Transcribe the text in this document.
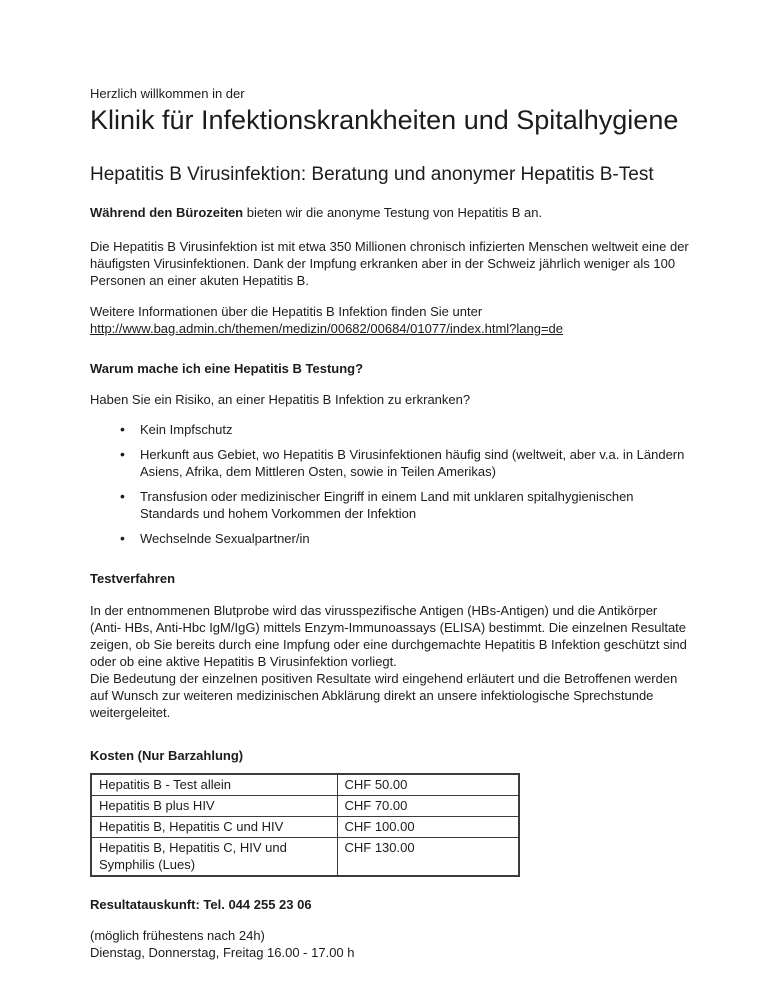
Herzlich willkommen in der

Klinik für Infektionskrankheiten und Spitalhygiene
Hepatitis B Virusinfektion: Beratung und anonymer Hepatitis B-Test

Während den Bürozeiten bieten wir die anonyme Testung von Hepatitis B an.

Die Hepatitis B Virusinfektion ist mit etwa 350 Millionen chronisch infizierten Menschen weltweit eine der häufigsten Virusinfektionen. Dank der Impfung erkranken aber in der Schweiz jährlich weniger als 100 Personen an einer akuten Hepatitis B.

Weitere Informationen über die Hepatitis B Infektion finden Sie unter
http://www.bag.admin.ch/themen/medizin/00682/00684/01077/index.html?lang=de

Warum mache ich eine Hepatitis B Testung?

Haben Sie ein Risiko, an einer Hepatitis B Infektion zu erkranken?

• Kein Impfschutz
• Herkunft aus Gebiet, wo Hepatitis B Virusinfektionen häufig sind (weltweit, aber v.a. in Ländern Asiens, Afrika, dem Mittleren Osten, sowie in Teilen Amerikas)
• Transfusion oder medizinischer Eingriff in einem Land mit unklaren spitalhygienischen Standards und hohem Vorkommen der Infektion
• Wechselnde Sexualpartner/in

Testverfahren

In der entnommenen Blutprobe wird das virusspezifische Antigen (HBs-Antigen) und die Antikörper (Anti- HBs, Anti-Hbc IgM/IgG) mittels Enzym-Immunoassays (ELISA) bestimmt. Die einzelnen Resultate zeigen, ob Sie bereits durch eine Impfung oder eine durchgemachte Hepatitis B Infektion geschützt sind oder ob eine aktive Hepatitis B Virusinfektion vorliegt.
Die Bedeutung der einzelnen positiven Resultate wird eingehend erläutert und die Betroffenen werden auf Wunsch zur weiteren medizinischen Abklärung direkt an unsere infektiologische Sprechstunde weitergeleitet.

Kosten (Nur Barzahlung)

Hepatitis B - Test allein	CHF 50.00
Hepatitis B plus HIV	CHF 70.00
Hepatitis B, Hepatitis C und HIV	CHF 100.00
Hepatitis B, Hepatitis C, HIV und Symphilis (Lues)	CHF 130.00

Resultatauskunft: Tel. 044 255 23 06

(möglich frühestens nach 24h)
Dienstag, Donnerstag, Freitag 16.00 - 17.00 h
